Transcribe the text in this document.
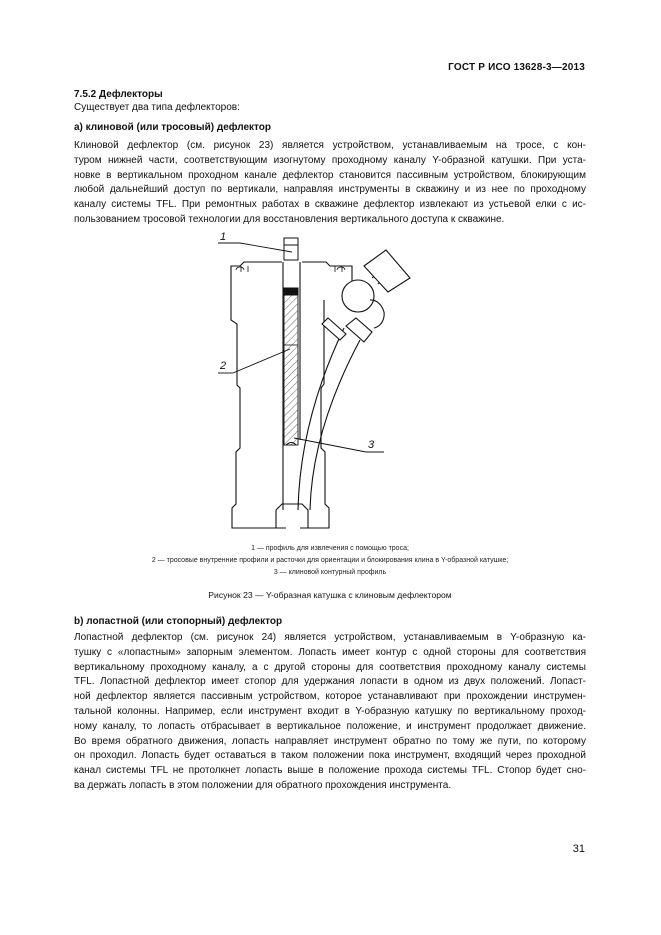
ГОСТ Р ИСО 13628-3—2013
7.5.2 Дефлекторы
Существует два типа дефлекторов:
а) клиновой (или тросовый) дефлектор
Клиновой дефлектор (см. рисунок 23) является устройством, устанавливаемым на тросе, с кон-
туром нижней части, соответствующим изогнутому проходному каналу Y-образной катушки. При уста-
новке в вертикальном проходном канале дефлектор становится пассивным устройством, блокирующим
любой дальнейший доступ по вертикали, направляя инструменты в скважину и из нее по проходному
каналу системы TFL. При ремонтных работах в скважине дефлектор извлекают из устьевой елки с ис-
пользованием тросовой технологии для восстановления вертикального доступа к скважине.
1
2
3
1 — профиль для извлечения с помощью троса;
2 — тросовые внутренние профили и расточки для ориентации и блокирования клина в Y-образной катушке;
3 — клиновой контурный профиль
Рисунок 23 — Y-образная катушка с клиновым дефлектором
b) лопастной (или стопорный) дефлектор
Лопастной дефлектор (см. рисунок 24) является устройством, устанавливаемым в Y-образную ка-
тушку с «лопастным» запорным элементом. Лопасть имеет контур с одной стороны для соответствия
вертикальному проходному каналу, а с другой стороны для соответствия проходному каналу системы
TFL. Лопастной дефлектор имеет стопор для удержания лопасти в одном из двух положений. Лопаст-
ной дефлектор является пассивным устройством, которое устанавливают при прохождении инструмен-
тальной колонны. Например, если инструмент входит в Y-образную катушку по вертикальному проход-
ному каналу, то лопасть отбрасывает в вертикальное положение, и инструмент продолжает движение.
Во время обратного движения, лопасть направляет инструмент обратно по тому же пути, по которому
он проходил. Лопасть будет оставаться в таком положении пока инструмент, входящий через проходной
канал системы TFL не протолкнет лопасть выше в положение прохода системы TFL. Стопор будет сно-
ва держать лопасть в этом положении для обратного прохождения инструмента.
31
